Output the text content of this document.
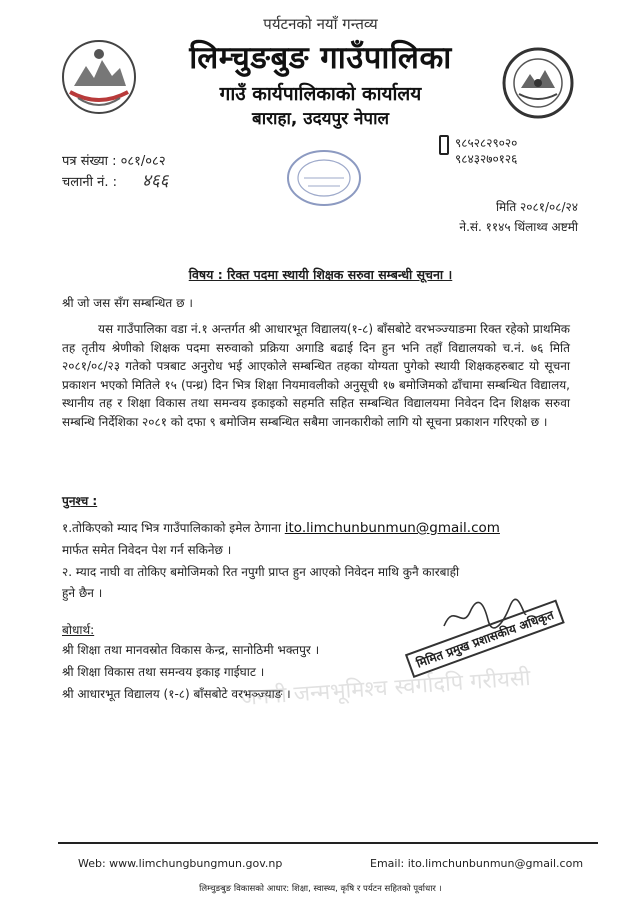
पर्यटनको नयाँ गन्तव्य
लिम्चुङबुङ गाउँपालिका
गाउँ कार्यपालिकाको कार्यालय
बाराहा, उदयपुर नेपाल
९८५२८२९०२०
९८४३२७०१२६
पत्र संख्या : ०८१/०८२
चलानी नं. : ४६६
मिति २०८१/०८/२४
ने.सं. ११४५ थिंलाथ्व अष्टमी
विषय : रिक्त पदमा स्थायी शिक्षक सरुवा सम्बन्धी सूचना ।
श्री जो जस सँग सम्बन्धित छ ।
यस गाउँपालिका वडा नं.१ अन्तर्गत श्री आधारभूत विद्यालय(१-८) बाँसबोटे वरभञ्ज्याङमा रिक्त रहेको प्राथमिक तह तृतीय श्रेणीको शिक्षक पदमा सरुवाको प्रक्रिया अगाडि बढाई दिन हुन भनि तहाँ विद्यालयको च.नं. ७६ मिति २०८१/०८/२३ गतेको पत्रबाट अनुरोध भई आएकोले सम्बन्धित तहका योग्यता पुगेको स्थायी शिक्षकहरुबाट यो सूचना प्रकाशन भएको मितिले १५ (पन्ध्र) दिन भित्र शिक्षा नियमावलीको अनुसूची १७ बमोजिमको ढाँचामा सम्बन्धित विद्यालय, स्थानीय तह र शिक्षा विकास तथा समन्वय इकाइको सहमति सहित सम्बन्धित विद्यालयमा निवेदन दिन शिक्षक सरुवा सम्बन्धि निर्देशिका २०८१ को दफा ९ बमोजिम सम्बन्धित सबैमा जानकारीको लागि यो सूचना प्रकाशन गरिएको छ ।
पुनश्च :
१.तोकिएको म्याद भित्र गाउँपालिकाको इमेल ठेगाना ito.limchunbunmun@gmail.com
मार्फत समेत निवेदन पेश गर्न सकिनेछ ।
२. म्याद नाघी वा तोकिए बमोजिमको रित नपुगी प्राप्त हुन आएको निवेदन माथि कुनै कारबाही
हुने छैन ।
बोधार्थ:
श्री शिक्षा तथा मानवस्रोत विकास केन्द्र, सानोठिमी भक्तपुर ।
श्री शिक्षा विकास तथा समन्वय इकाइ गाईघाट ।
श्री आधारभूत विद्यालय (१-८) बाँसबोटे वरभञ्ज्याङ ।
मिमित प्रमुख प्रशासकीय अधिकृत
जननी जन्मभूमिश्च स्वर्गादपि गरीयसी
Web: www.limchungbungmun.gov.np	Email: ito.limchunbunmun@gmail.com
लिम्चुङबुङ विकासको आधार: शिक्षा, स्वास्थ्य, कृषि र पर्यटन सहितको पूर्वाधार ।
